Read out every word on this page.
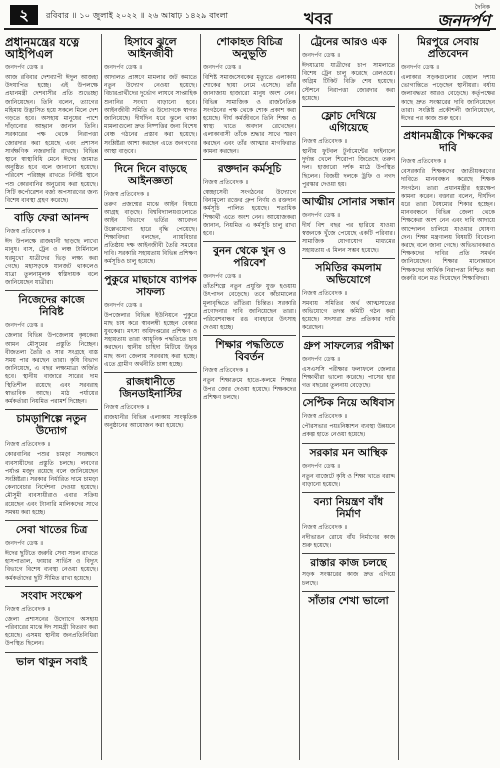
২	রবিবার ॥ ১০ জুলাই ২০২২ ॥ ২৬ আষাঢ় ১৪২৯ বাংলা	খবর
দৈনিক
জনদর্পণ
প্রধানমন্ত্রের যত্নে আইপিএল
জনদর্পণ ডেস্ক ॥

আজ রবিবার দেশব্যাপী ঈদুল আজহা উদযাপিত হচ্ছে। এই উপলক্ষে প্রধানমন্ত্রী দেশবাসীর প্রতি শুভেচ্ছা জানিয়েছেন। তিনি বলেন, ত্যাগের মহিমায় উদ্ভাসিত হয়ে সকলে মিলে দেশ গড়তে হবে। অসহায় মানুষের পাশে দাঁড়ানোর আহ্বান জানান তিনি। সরকারের পক্ষ থেকে নিরাপত্তা জোরদার করা হয়েছে এবং প্রশাসন সার্বক্ষণিক নজরদারি রাখছে। বিভিন্ন স্থানে স্বাস্থ্যবিধি মেনে ঈদের জামাত অনুষ্ঠিত হবে বলে জানানো হয়েছে। পরিবেশ পরিচ্ছন্ন রাখতে নির্দিষ্ট স্থানে পশু কোরবানির অনুরোধ করা হয়েছে। সিটি কর্পোরেশন বর্জ্য অপসারণের জন্য বিশেষ ব্যবস্থা গ্রহণ করেছে।

বাড়ি ফেরা আনন্দ
নিজস্ব প্রতিবেদক ॥

ঈদ উপলক্ষে রাজধানী ছাড়ছে লাখো মানুষ। বাস, ট্রেন ও লঞ্চ টার্মিনালে ঘরমুখো যাত্রীদের ভিড় লক্ষ্য করা গেছে। মহাসড়কে যানজট থাকলেও যাত্রা তুলনামূলক স্বস্তিদায়ক বলে জানিয়েছেন যাত্রীরা।

নিজেদের কাজে নিবিষ্ট
জনদর্পণ ডেস্ক ॥

জেলার বিভিন্ন উপজেলায় কৃষকেরা আমন মৌসুমের প্রস্তুতি নিচ্ছেন। বীজতলা তৈরি ও সার সংগ্রহে ব্যস্ত সময় পার করছেন তারা। কৃষি বিভাগ জানিয়েছে, এ বছর লক্ষ্যমাত্রা অর্জিত হবে। স্থানীয় বাজারে সারের দাম স্থিতিশীল রয়েছে এবং সরবরাহ স্বাভাবিক আছে। মাঠ পর্যায়ের কর্মকর্তারা নিয়মিত পরামর্শ দিচ্ছেন।

চামড়াশিল্পে নতুন উদ্যোগ
নিজস্ব প্রতিবেদক ॥

কোরবানির পশুর চামড়া সংরক্ষণে ব্যবসায়ীদের প্রস্তুতি চলছে। লবণের পর্যাপ্ত মজুদ রয়েছে বলে জানিয়েছেন সংশ্লিষ্টরা। সরকার নির্ধারিত দামে চামড়া কেনাবেচার নির্দেশনা দেওয়া হয়েছে। মৌসুমী ব্যবসায়ীরাও এবার সক্রিয় রয়েছেন এবং ট্যানারি মালিকদের সাথে সমন্বয় করা হচ্ছে।

সেবা খাতের চিত্র
জনদর্পণ ডেস্ক ॥

ঈদের ছুটিতে জরুরি সেবা সচল রাখতে হাসপাতাল, ফায়ার সার্ভিস ও বিদ্যুৎ বিভাগে বিশেষ ব্যবস্থা নেওয়া হয়েছে। কর্মকর্তাদের ছুটি সীমিত রাখা হয়েছে।

সংবাদ সংক্ষেপ
নিজস্ব প্রতিবেদক ॥

জেলা প্রশাসনের উদ্যোগে অসহায় পরিবারের মাঝে ঈদ সামগ্রী বিতরণ করা হয়েছে। এসময় স্থানীয় জনপ্রতিনিধিরা উপস্থিত ছিলেন।

ভাল থাকুন সবাই
হিসাবে ঝুলে আইনজীবী
জনদর্পণ ডেস্ক ॥

আদালত প্রাঙ্গণে মামলার জট কমাতে নতুন উদ্যোগ নেওয়া হয়েছে। বিচারপ্রার্থীদের দুর্ভোগ লাঘবে সাপ্তাহিক শুনানির সংখ্যা বাড়ানো হবে। আইনজীবী সমিতি এ উদ্যোগকে স্বাগত জানিয়েছে। দীর্ঘদিন ধরে ঝুলে থাকা মামলাগুলো দ্রুত নিষ্পত্তির জন্য বিশেষ বেঞ্চ গঠনের প্রস্তাব করা হয়েছে। সংশ্লিষ্টরা আশা করছেন এতে জনগণের আস্থা বাড়বে।

দিনে দিনে বাড়ছে আইনজ্ঞতা
নিজস্ব প্রতিবেদক ॥

তরুণ প্রজন্মের মাঝে আইন বিষয়ে আগ্রহ বাড়ছে। বিশ্ববিদ্যালয়গুলোতে আইন বিভাগে ভর্তির আবেদন উল্লেখযোগ্য হারে বৃদ্ধি পেয়েছে। শিক্ষাবিদরা বলছেন, ন্যায়বিচার প্রতিষ্ঠায় দক্ষ আইনজীবী তৈরি সময়ের দাবি। সরকারি সহায়তায় বিভিন্ন প্রশিক্ষণ কর্মসূচিও চালু হয়েছে।

পুকুরে মাছচাষে ব্যাপক সাফল্য
জনদর্পণ ডেস্ক ॥

উপজেলার বিভিন্ন ইউনিয়নে পুকুরে মাছ চাষ করে স্বাবলম্বী হচ্ছেন বেকার যুবকেরা। মৎস্য অধিদপ্তরের প্রশিক্ষণ ও সহায়তায় তারা আধুনিক পদ্ধতিতে চাষ করছেন। স্থানীয় চাহিদা মিটিয়ে উদ্বৃত্ত মাছ অন্য জেলায় সরবরাহ করা হচ্ছে। এতে গ্রামীণ অর্থনীতি চাঙ্গা হচ্ছে।

রাজধানীতে জিনডাইনাস্টির
নিজস্ব প্রতিবেদক ॥

রাজধানীর বিভিন্ন এলাকায় সাংস্কৃতিক অনুষ্ঠানের আয়োজন করা হয়েছে।

শোকাহত বিচিত্র অনুভূতি
জনদর্পণ ডেস্ক ॥

বিশিষ্ট সমাজসেবকের মৃত্যুতে এলাকায় শোকের ছায়া নেমে এসেছে। তাঁর জানাজায় হাজারো মানুষ অংশ নেন। বিভিন্ন সামাজিক ও রাজনৈতিক সংগঠনের পক্ষ থেকে শোক প্রকাশ করা হয়েছে। দীর্ঘ কর্মজীবনে তিনি শিক্ষা ও স্বাস্থ্য খাতে অবদান রেখেছেন। এলাকাবাসী তাঁকে শ্রদ্ধার সাথে স্মরণ করছেন এবং তাঁর আত্মার মাগফিরাত কামনা করছেন।

রক্তদান কর্মসূচি
নিজস্ব প্রতিবেদক ॥

স্বেচ্ছাসেবী সংগঠনের উদ্যোগে বিনামূল্যে রক্তের গ্রুপ নির্ণয় ও রক্তদান কর্মসূচি পালিত হয়েছে। শতাধিক শিক্ষার্থী এতে অংশ নেন। আয়োজকরা জানান, নিয়মিত এ কর্মসূচি চালু রাখা হবে।

বুনন থেকে খুন ও পরিবেশ
জনদর্পণ ডেস্ক ॥

তাঁতশিল্পে নতুন প্রযুক্তি যুক্ত হওয়ায় উৎপাদন বেড়েছে। তবে কাঁচামালের মূল্যবৃদ্ধিতে তাঁতিরা চিন্তিত। সরকারি প্রণোদনার দাবি জানিয়েছেন তারা। পরিবেশবান্ধব রঙ ব্যবহারে উৎসাহ দেওয়া হচ্ছে।

শিক্ষার পদ্ধতিতে বিবর্তন
নিজস্ব প্রতিবেদক ॥

নতুন শিক্ষাক্রমে হাতে-কলমে শিক্ষার উপর জোর দেওয়া হয়েছে। শিক্ষকদের প্রশিক্ষণ চলছে।

ট্রেনের আরও এক
জনদর্পণ ডেস্ক ॥

ঈদযাত্রায় যাত্রীদের চাপ সামলাতে বিশেষ ট্রেন চালু করেছে রেলওয়ে। অগ্রিম টিকিট বিক্রি শেষ হয়েছে। স্টেশনে নিরাপত্তা জোরদার করা হয়েছে।

ফ্লোচ দেখিয়ে এগিয়েছে
নিজস্ব প্রতিবেদক ॥

স্থানীয় ফুটবল টুর্নামেন্টের ফাইনালে দুর্দান্ত খেলে শিরোপা জিতেছে তরুণ দল। হাজারো দর্শক মাঠে উপস্থিত ছিলেন। বিজয়ী দলকে ট্রফি ও নগদ পুরস্কার দেওয়া হয়।

আত্মীয় সোনার সন্ধান
জনদর্পণ ডেস্ক ॥

দীর্ঘ বিশ বছর পর হারিয়ে যাওয়া স্বজনকে খুঁজে পেয়েছে একটি পরিবার। সামাজিক যোগাযোগ মাধ্যমের সহায়তায় এ মিলন সম্ভব হয়েছে।

সমিতির কমলাম অভিযোগে
নিজস্ব প্রতিবেদক ॥

সমবায় সমিতির অর্থ আত্মসাতের অভিযোগে তদন্ত কমিটি গঠন করা হয়েছে। সদস্যরা দ্রুত প্রতিকার দাবি করেছেন।

গ্রুপ সাফল্যের পরীক্ষা
জনদর্পণ ডেস্ক ॥

এসএসসি পরীক্ষার ফলাফলে জেলার শিক্ষার্থীরা ভালো করেছে। পাসের হার গত বছরের তুলনায় বেড়েছে।

সেপ্টিক নিয়ে অধিবাস
নিজস্ব প্রতিবেদক ॥

পৌরসভার পয়ঃনিষ্কাশন ব্যবস্থা উন্নয়নে প্রকল্প হাতে নেওয়া হয়েছে।

সরকার মন আস্থিক
জনদর্পণ ডেস্ক ॥

নতুন বাজেটে কৃষি ও শিক্ষা খাতে বরাদ্দ বাড়ানো হয়েছে।

বন্যা নিয়ন্ত্রণ বাঁধ নির্মাণ
নিজস্ব প্রতিবেদক ॥

নদীভাঙন রোধে বাঁধ নির্মাণের কাজ শুরু হয়েছে।

রাস্তার কাজ চলছে

সড়ক সংস্কারের কাজ দ্রুত এগিয়ে চলছে।

সাঁতার শেখা ভালো
মিরপুরে সেবায় প্রতিবেদন
জনদর্পণ ডেস্ক ॥

এলাকার সড়কগুলোর বেহাল দশায় ভোগান্তিতে পড়েছেন স্থানীয়রা। বর্ষায় জলাবদ্ধতা আরও বেড়েছে। কর্তৃপক্ষের কাছে দ্রুত সংস্কারের দাবি জানিয়েছেন তারা। সংশ্লিষ্ট প্রকৌশলী জানিয়েছেন, ঈদের পর কাজ শুরু হবে।

প্রধানমন্ত্রীকে শিক্ষকের দাবি
নিজস্ব প্রতিবেদক ॥

বেসরকারি শিক্ষকদের জাতীয়করণের দাবিতে মানববন্ধন করেছে শিক্ষক সংগঠন। তারা প্রধানমন্ত্রীর হস্তক্ষেপ কামনা করেন। বক্তারা বলেন, দীর্ঘদিন ধরে তারা বৈষম্যের শিকার হচ্ছেন। মানববন্ধনে বিভিন্ন জেলা থেকে শিক্ষকেরা অংশ নেন এবং দাবি আদায়ে আন্দোলন চালিয়ে যাওয়ার ঘোষণা দেন। শিক্ষা মন্ত্রণালয় বিষয়টি বিবেচনা করছে বলে জানা গেছে। অভিভাবকরাও শিক্ষকদের দাবির প্রতি সমর্থন জানিয়েছেন। শিক্ষার মানোন্নয়নে শিক্ষকদের আর্থিক নিরাপত্তা নিশ্চিত করা জরুরি বলে মত দিয়েছেন শিক্ষাবিদরা।
